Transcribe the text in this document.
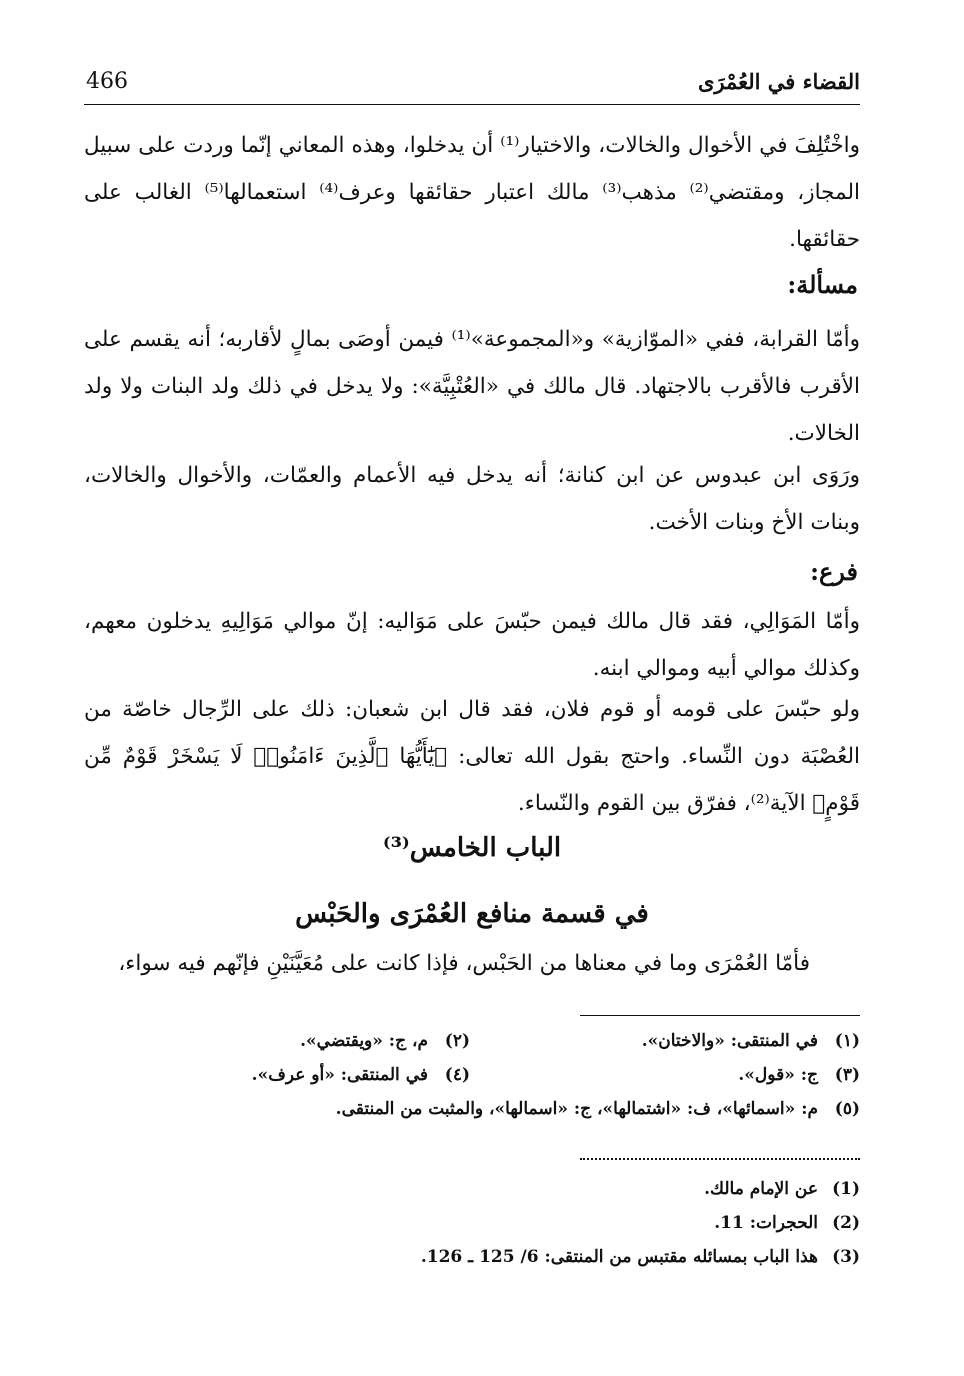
القضاء في العُمْرَى
466

واخْتُلِفَ في الأخوال والخالات، والاختيار⁽¹⁾ أن يدخلوا، وهذه المعاني إنّما وردت على سبيل المجاز، ومقتضي⁽²⁾ مذهب⁽³⁾ مالك اعتبار حقائقها وعرف⁽⁴⁾ استعمالها⁽⁵⁾ الغالب على حقائقها.

مسألة:

وأمّا القرابة، ففي «الموّازية» و«المجموعة»⁽¹⁾ فيمن أوصَى بمالٍ لأقاربه؛ أنه يقسم على الأقرب فالأقرب بالاجتهاد. قال مالك في «العُتْبِيَّة»: ولا يدخل في ذلك ولد البنات ولا ولد الخالات.

ورَوَى ابن عبدوس عن ابن كنانة؛ أنه يدخل فيه الأعمام والعمّات، والأخوال والخالات، وبنات الأخ وبنات الأخت.

فرع:

وأمّا المَوَالِي، فقد قال مالك فيمن حبّسَ على مَوَاليه: إنّ موالي مَوَالِيهِ يدخلون معهم، وكذلك موالي أبيه وموالي ابنه.

ولو حبّسَ على قومه أو قوم فلان، فقد قال ابن شعبان: ذلك على الرِّجال خاصّة من العُصْبَة دون النِّساء. واحتج بقول الله تعالى: ﴿يَٰٓأَيُّهَا ٱلَّذِينَ ءَامَنُوا۟ لَا يَسْخَرْ قَوْمٌ مِّن قَوْمٍ﴾ الآية⁽²⁾، ففرّق بين القوم والنّساء.

الباب الخامس⁽³⁾
في قسمة منافع العُمْرَى والحَبْس

فأمّا العُمْرَى وما في معناها من الحَبْس، فإذا كانت على مُعَيَّنَيْنِ فإنّهم فيه سواء،

(١)في المنتقى: «والاختان».
(٢)م، ج: «ويقتضي».
(٣)ج: «قول».
(٤)في المنتقى: «أو عرف».
(٥)م: «اسمائها»، ف: «اشتمالها»، ج: «اسمالها»، والمثبت من المنتقى.
(1)عن الإمام مالك.
(2)الحجرات: 11.
(3)هذا الباب بمسائله مقتبس من المنتقى: 6/ 125 ـ 126.
